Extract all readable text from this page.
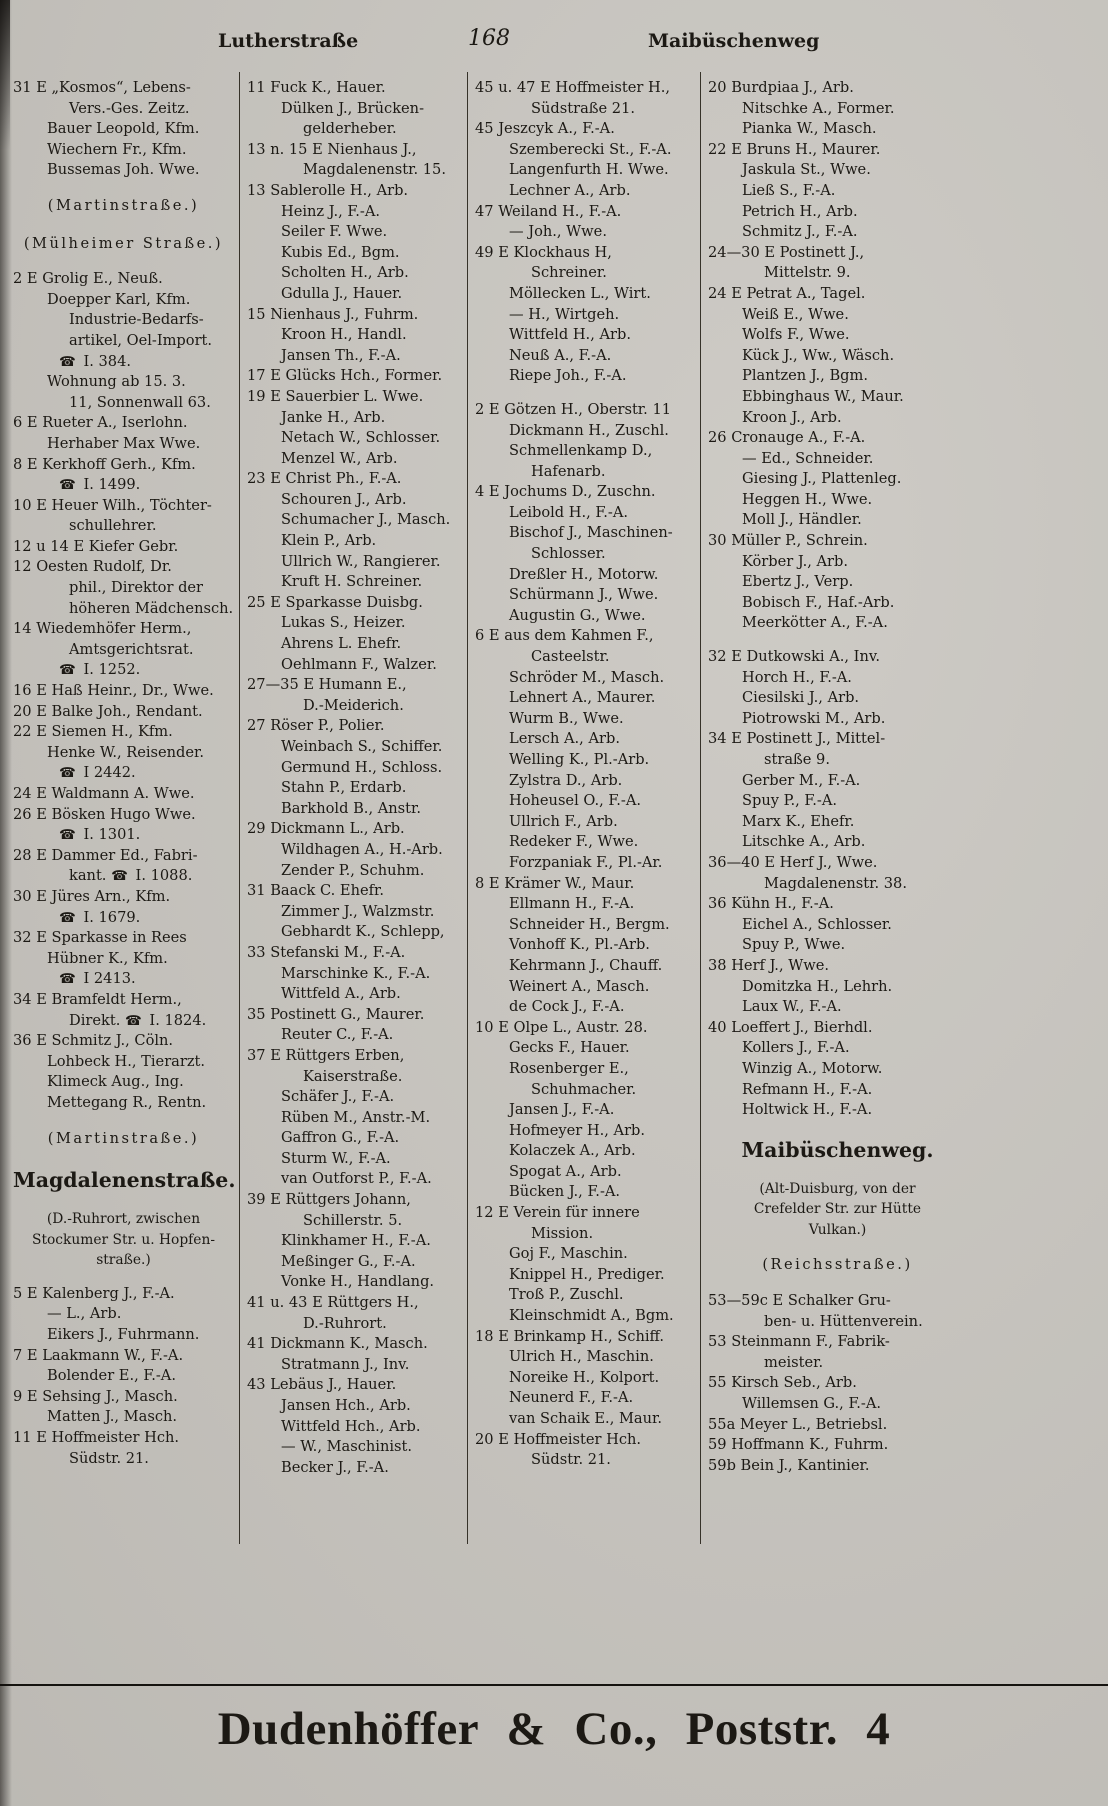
Lutherstraße	168	Maibüschenweg
31 E „Kosmos“, Lebens-
Vers.-Ges. Zeitz.
Bauer Leopold, Kfm.
Wiechern Fr., Kfm.
Bussemas Joh. Wwe.
(Martinstraße.)
(Mülheimer Straße.)
2 E Grolig E., Neuß.
Doepper Karl, Kfm.
Industrie-Bedarfs-
artikel, Oel-Import.
☎ I. 384.
Wohnung ab 15. 3.
11, Sonnenwall 63.
6 E Rueter A., Iserlohn.
Herhaber Max Wwe.
8 E Kerkhoff Gerh., Kfm.
☎ I. 1499.
10 E Heuer Wilh., Töchter-
schullehrer.
12 u 14 E Kiefer Gebr.
12 Oesten Rudolf, Dr.
phil., Direktor der
höheren Mädchensch.
14 Wiedemhöfer Herm.,
Amtsgerichtsrat.
☎ I. 1252.
16 E Haß Heinr., Dr., Wwe.
20 E Balke Joh., Rendant.
22 E Siemen H., Kfm.
Henke W., Reisender.
☎ I 2442.
24 E Waldmann A. Wwe.
26 E Bösken Hugo Wwe.
☎ I. 1301.
28 E Dammer Ed., Fabri-
kant. ☎ I. 1088.
30 E Jüres Arn., Kfm.
☎ I. 1679.
32 E Sparkasse in Rees
Hübner K., Kfm.
☎ I 2413.
34 E Bramfeldt Herm.,
Direkt. ☎ I. 1824.
36 E Schmitz J., Cöln.
Lohbeck H., Tierarzt.
Klimeck Aug., Ing.
Mettegang R., Rentn.
(Martinstraße.)
Magdalenenstraße.
(D.-Ruhrort, zwischen
Stockumer Str. u. Hopfen-
straße.)
5 E Kalenberg J., F.-A.
— L., Arb.
Eikers J., Fuhrmann.
7 E Laakmann W., F.-A.
Bolender E., F.-A.
9 E Sehsing J., Masch.
Matten J., Masch.
11 E Hoffmeister Hch.
Südstr. 21.
11 Fuck K., Hauer.
Dülken J., Brücken-
gelderheber.
13 n. 15 E Nienhaus J.,
Magdalenenstr. 15.
13 Sablerolle H., Arb.
Heinz J., F.-A.
Seiler F. Wwe.
Kubis Ed., Bgm.
Scholten H., Arb.
Gdulla J., Hauer.
15 Nienhaus J., Fuhrm.
Kroon H., Handl.
Jansen Th., F.-A.
17 E Glücks Hch., Former.
19 E Sauerbier L. Wwe.
Janke H., Arb.
Netach W., Schlosser.
Menzel W., Arb.
23 E Christ Ph., F.-A.
Schouren J., Arb.
Schumacher J., Masch.
Klein P., Arb.
Ullrich W., Rangierer.
Kruft H. Schreiner.
25 E Sparkasse Duisbg.
Lukas S., Heizer.
Ahrens L. Ehefr.
Oehlmann F., Walzer.
27—35 E Humann E.,
D.-Meiderich.
27 Röser P., Polier.
Weinbach S., Schiffer.
Germund H., Schloss.
Stahn P., Erdarb.
Barkhold B., Anstr.
29 Dickmann L., Arb.
Wildhagen A., H.-Arb.
Zender P., Schuhm.
31 Baack C. Ehefr.
Zimmer J., Walzmstr.
Gebhardt K., Schlepp,
33 Stefanski M., F.-A.
Marschinke K., F.-A.
Wittfeld A., Arb.
35 Postinett G., Maurer.
Reuter C., F.-A.
37 E Rüttgers Erben,
Kaiserstraße.
Schäfer J., F.-A.
Rüben M., Anstr.-M.
Gaffron G., F.-A.
Sturm W., F.-A.
van Outforst P., F.-A.
39 E Rüttgers Johann,
Schillerstr. 5.
Klinkhamer H., F.-A.
Meßinger G., F.-A.
Vonke H., Handlang.
41 u. 43 E Rüttgers H.,
D.-Ruhrort.
41 Dickmann K., Masch.
Stratmann J., Inv.
43 Lebäus J., Hauer.
Jansen Hch., Arb.
Wittfeld Hch., Arb.
— W., Maschinist.
Becker J., F.-A.
45 u. 47 E Hoffmeister H.,
Südstraße 21.
45 Jeszcyk A., F.-A.
Szemberecki St., F.-A.
Langenfurth H. Wwe.
Lechner A., Arb.
47 Weiland H., F.-A.
— Joh., Wwe.
49 E Klockhaus H,
Schreiner.
Möllecken L., Wirt.
— H., Wirtgeh.
Wittfeld H., Arb.
Neuß A., F.-A.
Riepe Joh., F.-A.
2 E Götzen H., Oberstr. 11
Dickmann H., Zuschl.
Schmellenkamp D.,
Hafenarb.
4 E Jochums D., Zuschn.
Leibold H., F.-A.
Bischof J., Maschinen-
Schlosser.
Dreßler H., Motorw.
Schürmann J., Wwe.
Augustin G., Wwe.
6 E aus dem Kahmen F.,
Casteelstr.
Schröder M., Masch.
Lehnert A., Maurer.
Wurm B., Wwe.
Lersch A., Arb.
Welling K., Pl.-Arb.
Zylstra D., Arb.
Hoheusel O., F.-A.
Ullrich F., Arb.
Redeker F., Wwe.
Forzpaniak F., Pl.-Ar.
8 E Krämer W., Maur.
Ellmann H., F.-A.
Schneider H., Bergm.
Vonhoff K., Pl.-Arb.
Kehrmann J., Chauff.
Weinert A., Masch.
de Cock J., F.-A.
10 E Olpe L., Austr. 28.
Gecks F., Hauer.
Rosenberger E.,
Schuhmacher.
Jansen J., F.-A.
Hofmeyer H., Arb.
Kolaczek A., Arb.
Spogat A., Arb.
Bücken J., F.-A.
12 E Verein für innere
Mission.
Goj F., Maschin.
Knippel H., Prediger.
Troß P., Zuschl.
Kleinschmidt A., Bgm.
18 E Brinkamp H., Schiff.
Ulrich H., Maschin.
Noreike H., Kolport.
Neunerd F., F.-A.
van Schaik E., Maur.
20 E Hoffmeister Hch.
Südstr. 21.
20 Burdpiaa J., Arb.
Nitschke A., Former.
Pianka W., Masch.
22 E Bruns H., Maurer.
Jaskula St., Wwe.
Ließ S., F.-A.
Petrich H., Arb.
Schmitz J., F.-A.
24—30 E Postinett J.,
Mittelstr. 9.
24 E Petrat A., Tagel.
Weiß E., Wwe.
Wolfs F., Wwe.
Kück J., Ww., Wäsch.
Plantzen J., Bgm.
Ebbinghaus W., Maur.
Kroon J., Arb.
26 Cronauge A., F.-A.
— Ed., Schneider.
Giesing J., Plattenleg.
Heggen H., Wwe.
Moll J., Händler.
30 Müller P., Schrein.
Körber J., Arb.
Ebertz J., Verp.
Bobisch F., Haf.-Arb.
Meerkötter A., F.-A.
32 E Dutkowski A., Inv.
Horch H., F.-A.
Ciesilski J., Arb.
Piotrowski M., Arb.
34 E Postinett J., Mittel-
straße 9.
Gerber M., F.-A.
Spuy P., F.-A.
Marx K., Ehefr.
Litschke A., Arb.
36—40 E Herf J., Wwe.
Magdalenenstr. 38.
36 Kühn H., F.-A.
Eichel A., Schlosser.
Spuy P., Wwe.
38 Herf J., Wwe.
Domitzka H., Lehrh.
Laux W., F.-A.
40 Loeffert J., Bierhdl.
Kollers J., F.-A.
Winzig A., Motorw.
Refmann H., F.-A.
Holtwick H., F.-A.
Maibüschenweg.
(Alt-Duisburg, von der
Crefelder Str. zur Hütte
Vulkan.)
(Reichsstraße.)
53—59c E Schalker Gru-
ben- u. Hüttenverein.
53 Steinmann F., Fabrik-
meister.
55 Kirsch Seb., Arb.
Willemsen G., F.-A.
55a Meyer L., Betriebsl.
59 Hoffmann K., Fuhrm.
59b Bein J., Kantinier.
Dudenhöffer & Co., Poststr. 4
